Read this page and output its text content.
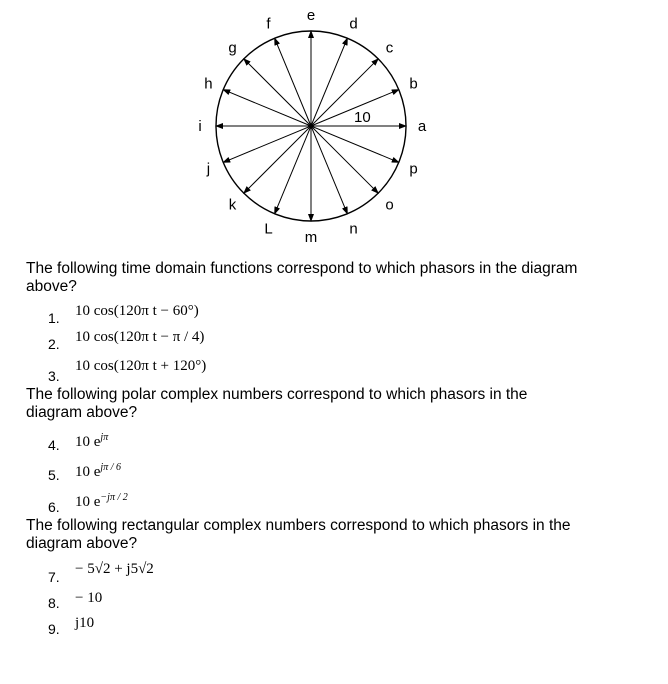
a
b
c
d
e
f
g
h
i
j
k
L m n
o
p
10
The following time domain functions correspond to which phasors in the diagram above?
1. 10 cos(120π t − 60°)
2. 10 cos(120π t − π / 4)
3.
10 cos(120π t + 120°)
The following polar complex numbers correspond to which phasors in the diagram above?
4. 10 $e^{j\pi}$
5. 10 $e^{j\pi / 6}$
6. 10 $e^{-j\pi / 2}$
The following rectangular complex numbers correspond to which phasors in the diagram above?
7. − 5√2 + j5√2
8. − 10
9. j10
